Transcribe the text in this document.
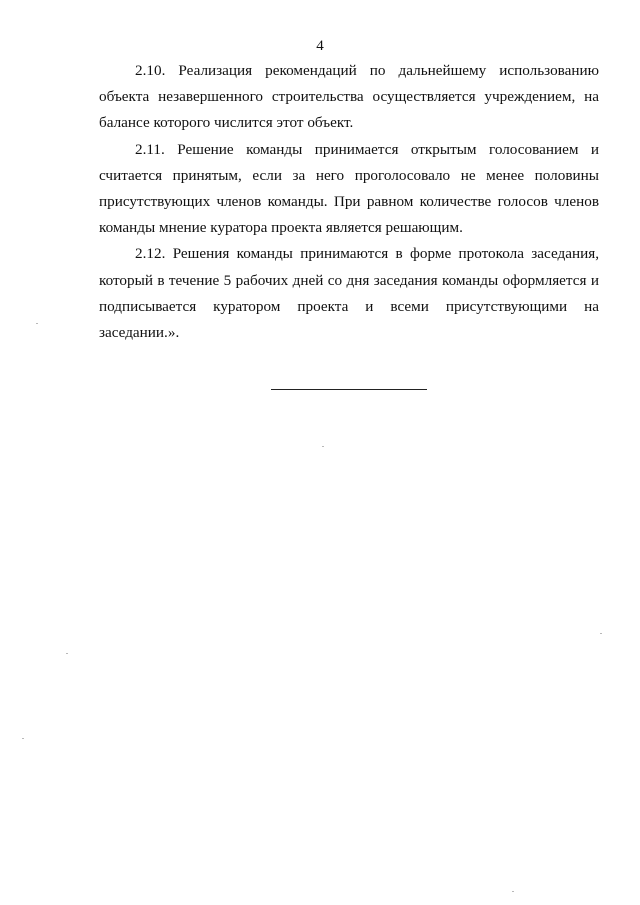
4

2.10. Реализация рекомендаций по дальнейшему использованию объекта незавершенного строительства осуществляется учреждением, на балансе которого числится этот объект.

2.11. Решение команды принимается открытым голосованием и считается принятым, если за него проголосовало не менее половины присутствующих членов команды. При равном количестве голосов членов команды мнение куратора проекта является решающим.

2.12. Решения команды принимаются в форме протокола заседания, который в течение 5 рабочих дней со дня заседания команды оформляется и подписывается куратором проекта и всеми присутствующими на заседании.».
